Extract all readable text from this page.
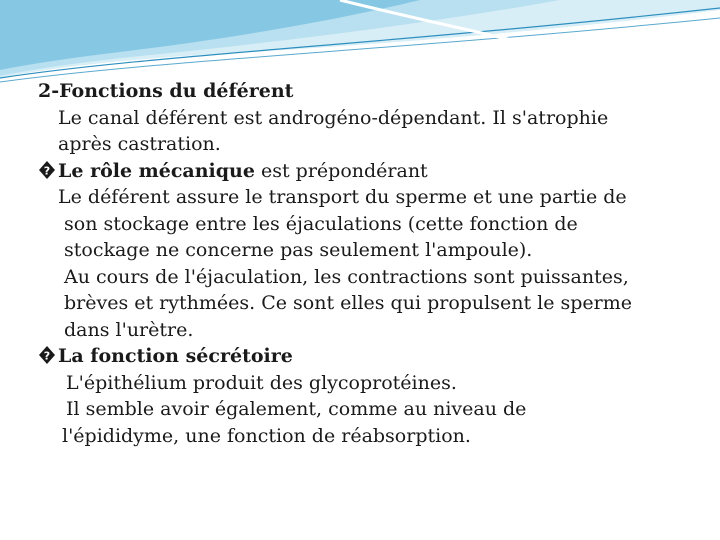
2-Fonctions du déférent
Le canal déférent est androgéno-dépendant. Il s'atrophie
après castration.
? Le rôle mécanique est prépondérant
Le déférent assure le transport du sperme et une partie de
son stockage entre les éjaculations (cette fonction de
stockage ne concerne pas seulement l'ampoule).
Au cours de l'éjaculation, les contractions sont puissantes,
brèves et rythmées. Ce sont elles qui propulsent le sperme
dans l'urètre.
? La fonction sécrétoire
L'épithélium produit des glycoprotéines.
Il semble avoir également, comme au niveau de
l'épididyme, une fonction de réabsorption.
